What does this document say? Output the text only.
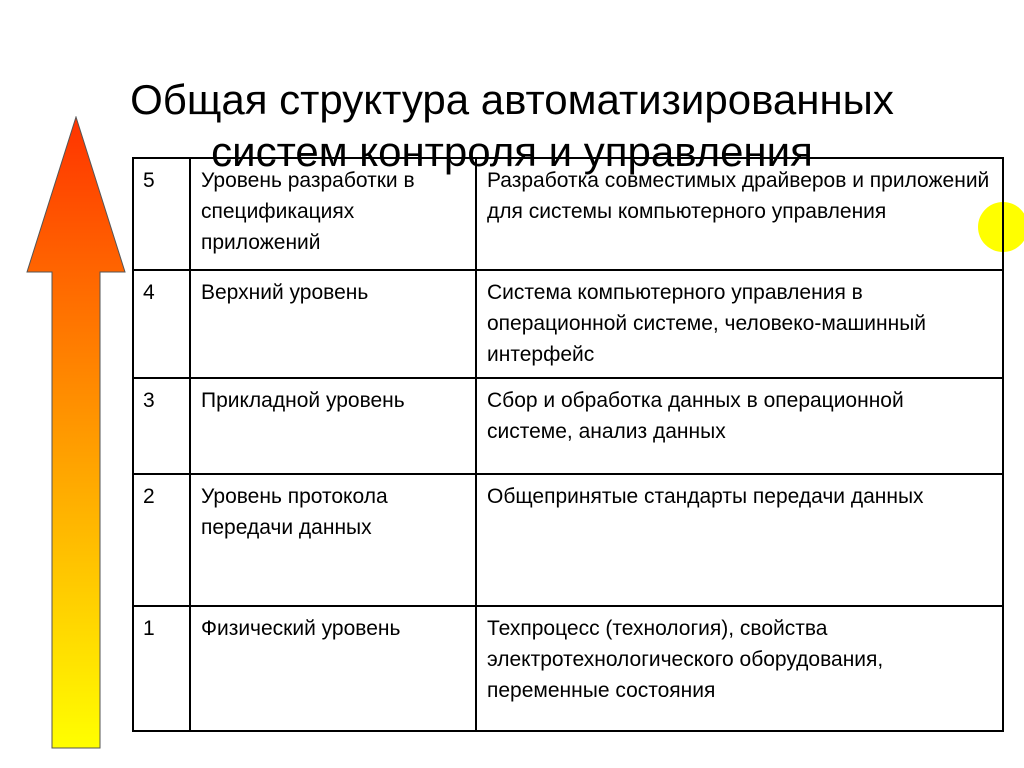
Общая структура автоматизированных
систем контроля и управления
5	Уровень разработки в спецификациях приложений	Разработка совместимых драйверов и приложений для системы компьютерного управления
4	Верхний уровень	Система компьютерного управления в операционной системе, человеко-машинный интерфейс
3	Прикладной уровень	Сбор и обработка данных в операционной системе, анализ данных
2	Уровень протокола передачи данных	Общепринятые стандарты передачи данных
1	Физический уровень	Техпроцесс (технология), свойства электротехнологического оборудования, переменные состояния
